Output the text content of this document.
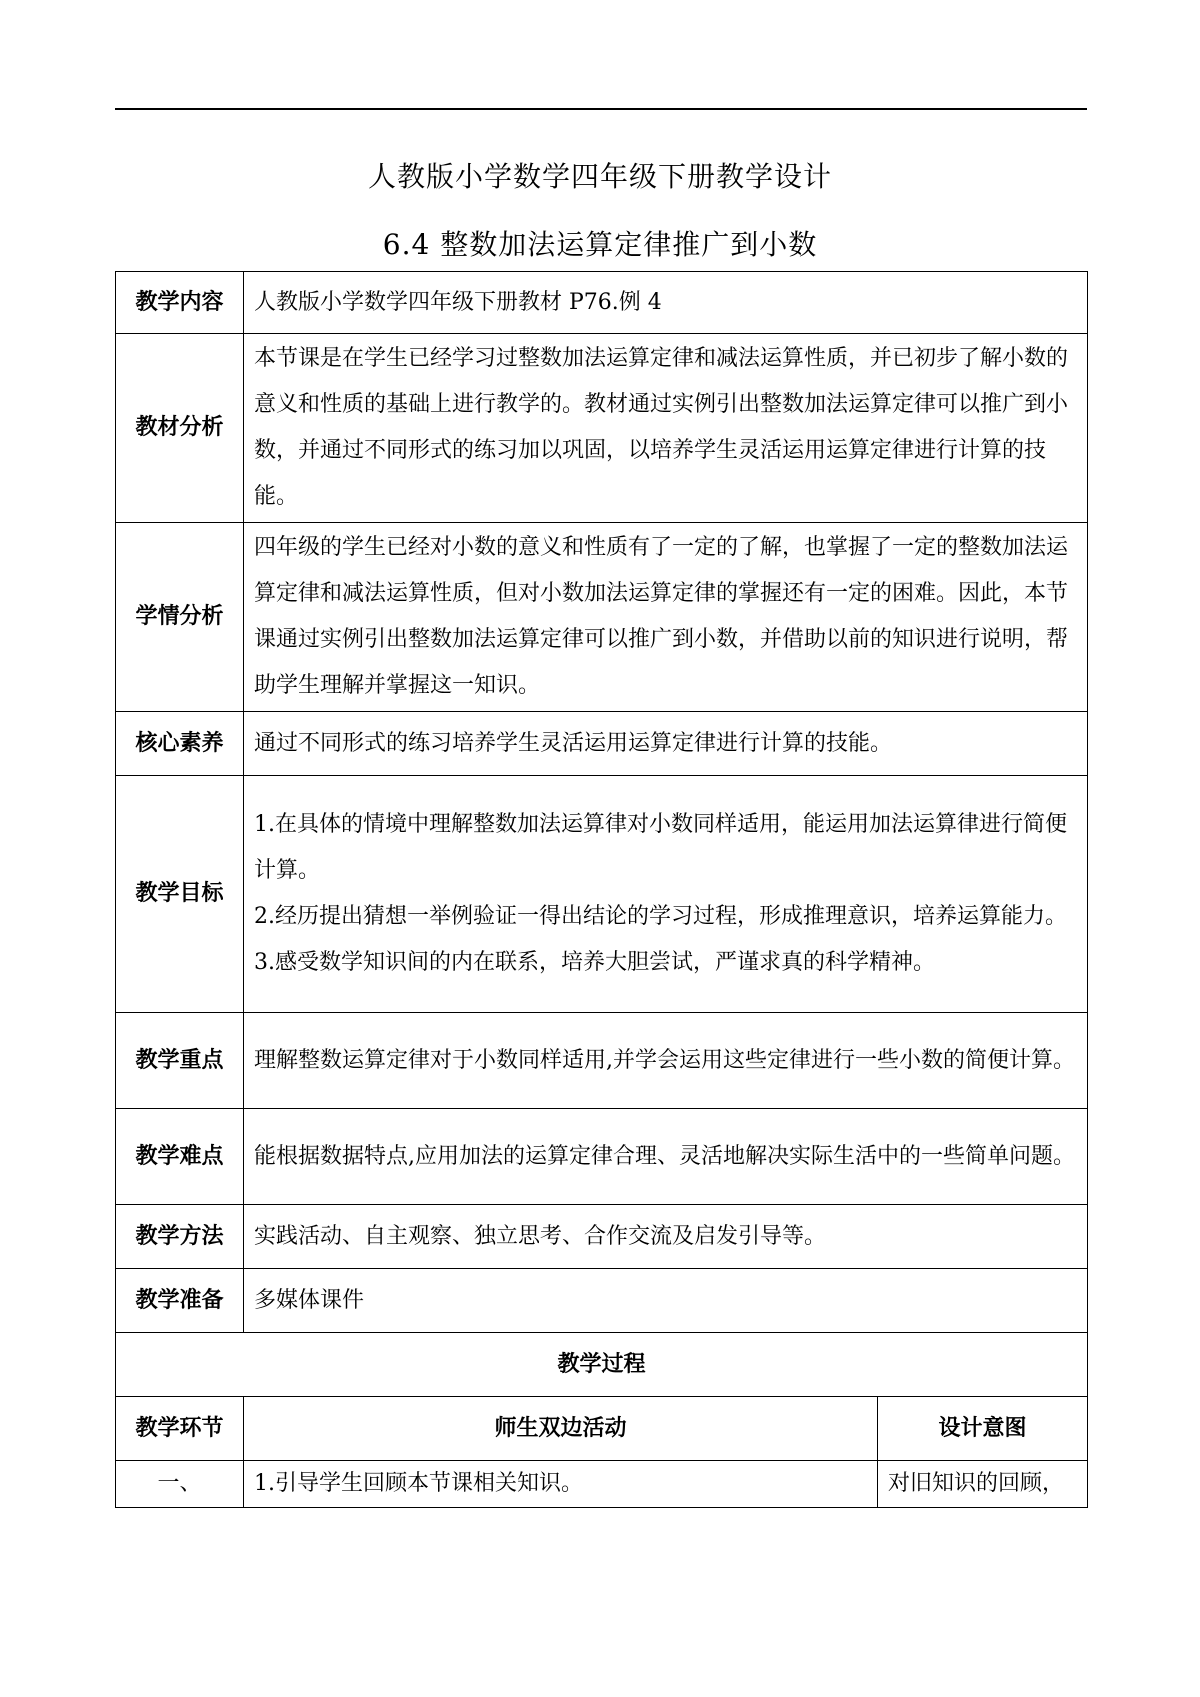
人教版小学数学四年级下册教学设计
6.4 整数加法运算定律推广到小数
教学内容	人教版小学数学四年级下册教材 P76.例 4	

教材分析	本节课是在学生已经学习过整数加法运算定律和减法运算性质，并已初步了解小数的意义和性质的基础上进行教学的。教材通过实例引出整数加法运算定律可以推广到小数，并通过不同形式的练习加以巩固，以培养学生灵活运用运算定律进行计算的技能。	

学情分析	四年级的学生已经对小数的意义和性质有了一定的了解，也掌握了一定的整数加法运算定律和减法运算性质，但对小数加法运算定律的掌握还有一定的困难。因此，本节课通过实例引出整数加法运算定律可以推广到小数，并借助以前的知识进行说明，帮助学生理解并掌握这一知识。	

核心素养	通过不同形式的练习培养学生灵活运用运算定律进行计算的技能。	

教学目标	1.在具体的情境中理解整数加法运算律对小数同样适用，能运用加法运算律进行简便计算。

2.经历提出猜想一举例验证一得出结论的学习过程，形成推理意识，培养运算能力。

3.感受数学知识间的内在联系，培养大胆尝试，严谨求真的科学精神。	

教学重点	理解整数运算定律对于小数同样适用,并学会运用这些定律进行一些小数的简便计算。	

教学难点	能根据数据特点,应用加法的运算定律合理、灵活地解决实际生活中的一些简单问题。	

教学方法	实践活动、自主观察、独立思考、合作交流及启发引导等。	

教学准备	多媒体课件	

教学过程		
教学环节	师生双边活动	设计意图
一、	1.引导学生回顾本节课相关知识。	对旧知识的回顾，
